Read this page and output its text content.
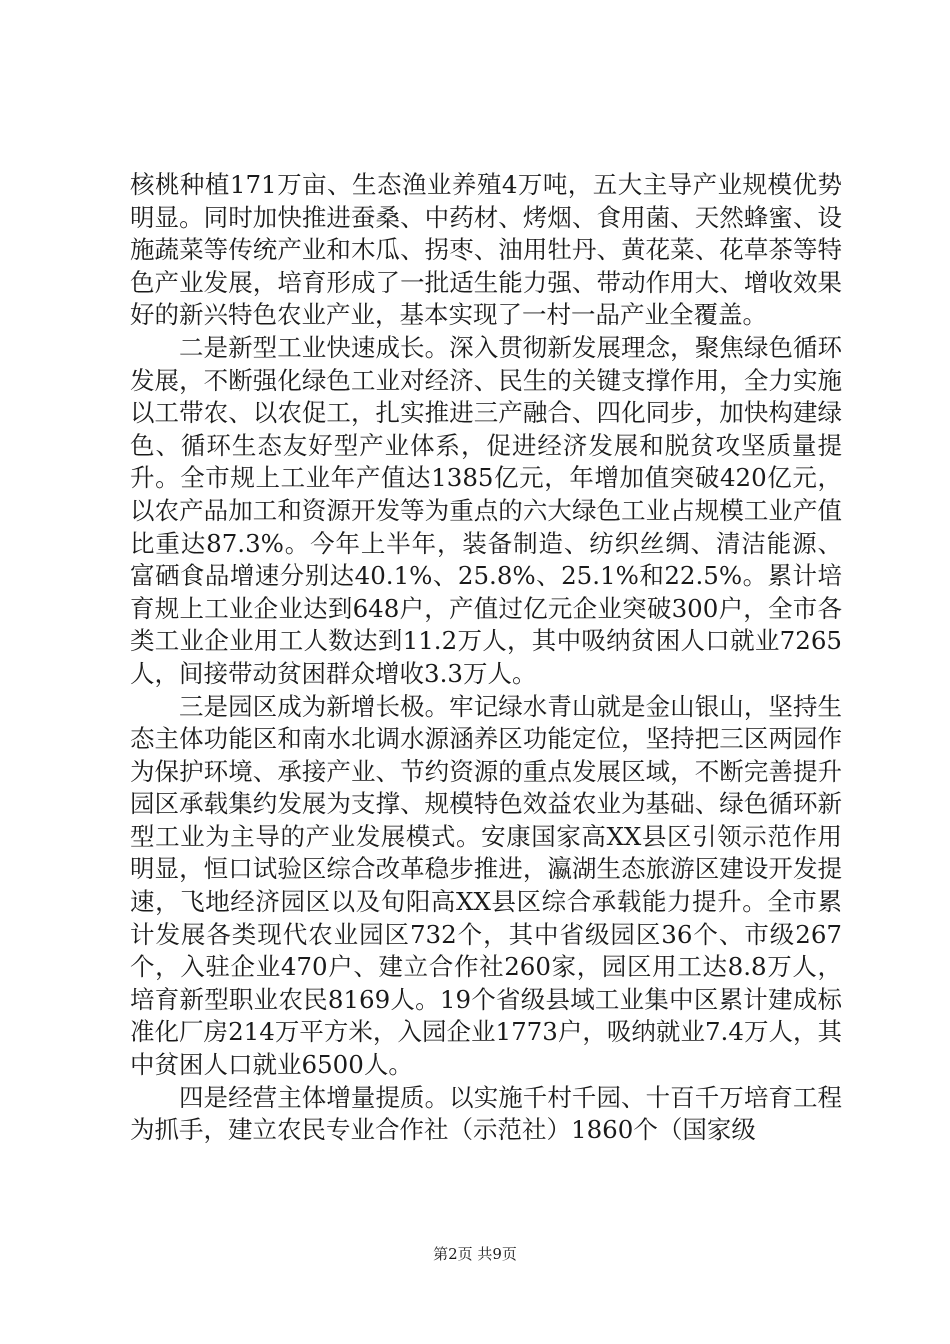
核桃种植171万亩、生态渔业养殖4万吨，五大主导产业规模优势明显。同时加快推进蚕桑、中药材、烤烟、食用菌、天然蜂蜜、设施蔬菜等传统产业和木瓜、拐枣、油用牡丹、黄花菜、花草茶等特色产业发展，培育形成了一批适生能力强、带动作用大、增收效果好的新兴特色农业产业，基本实现了一村一品产业全覆盖。

二是新型工业快速成长。深入贯彻新发展理念，聚焦绿色循环发展，不断强化绿色工业对经济、民生的关键支撑作用，全力实施以工带农、以农促工，扎实推进三产融合、四化同步，加快构建绿色、循环生态友好型产业体系，促进经济发展和脱贫攻坚质量提升。全市规上工业年产值达1385亿元，年增加值突破420亿元，以农产品加工和资源开发等为重点的六大绿色工业占规模工业产值比重达87.3%。今年上半年，装备制造、纺织丝绸、清洁能源、富硒食品增速分别达40.1%、25.8%、25.1%和22.5%。累计培育规上工业企业达到648户，产值过亿元企业突破300户，全市各类工业企业用工人数达到11.2万人，其中吸纳贫困人口就业7265人，间接带动贫困群众增收3.3万人。

三是园区成为新增长极。牢记绿水青山就是金山银山，坚持生态主体功能区和南水北调水源涵养区功能定位，坚持把三区两园作为保护环境、承接产业、节约资源的重点发展区域，不断完善提升园区承载集约发展为支撑、规模特色效益农业为基础、绿色循环新型工业为主导的产业发展模式。安康国家高XX县区引领示范作用明显，恒口试验区综合改革稳步推进，瀛湖生态旅游区建设开发提速，飞地经济园区以及旬阳高XX县区综合承载能力提升。全市累计发展各类现代农业园区732个，其中省级园区36个、市级267个，入驻企业470户、建立合作社260家，园区用工达8.8万人，培育新型职业农民8169人。19个省级县域工业集中区累计建成标准化厂房214万平方米，入园企业1773户，吸纳就业7.4万人，其中贫困人口就业6500人。

四是经营主体增量提质。以实施千村千园、十百千万培育工程为抓手，建立农民专业合作社（示范社）1860个（国家级

第2页 共9页
